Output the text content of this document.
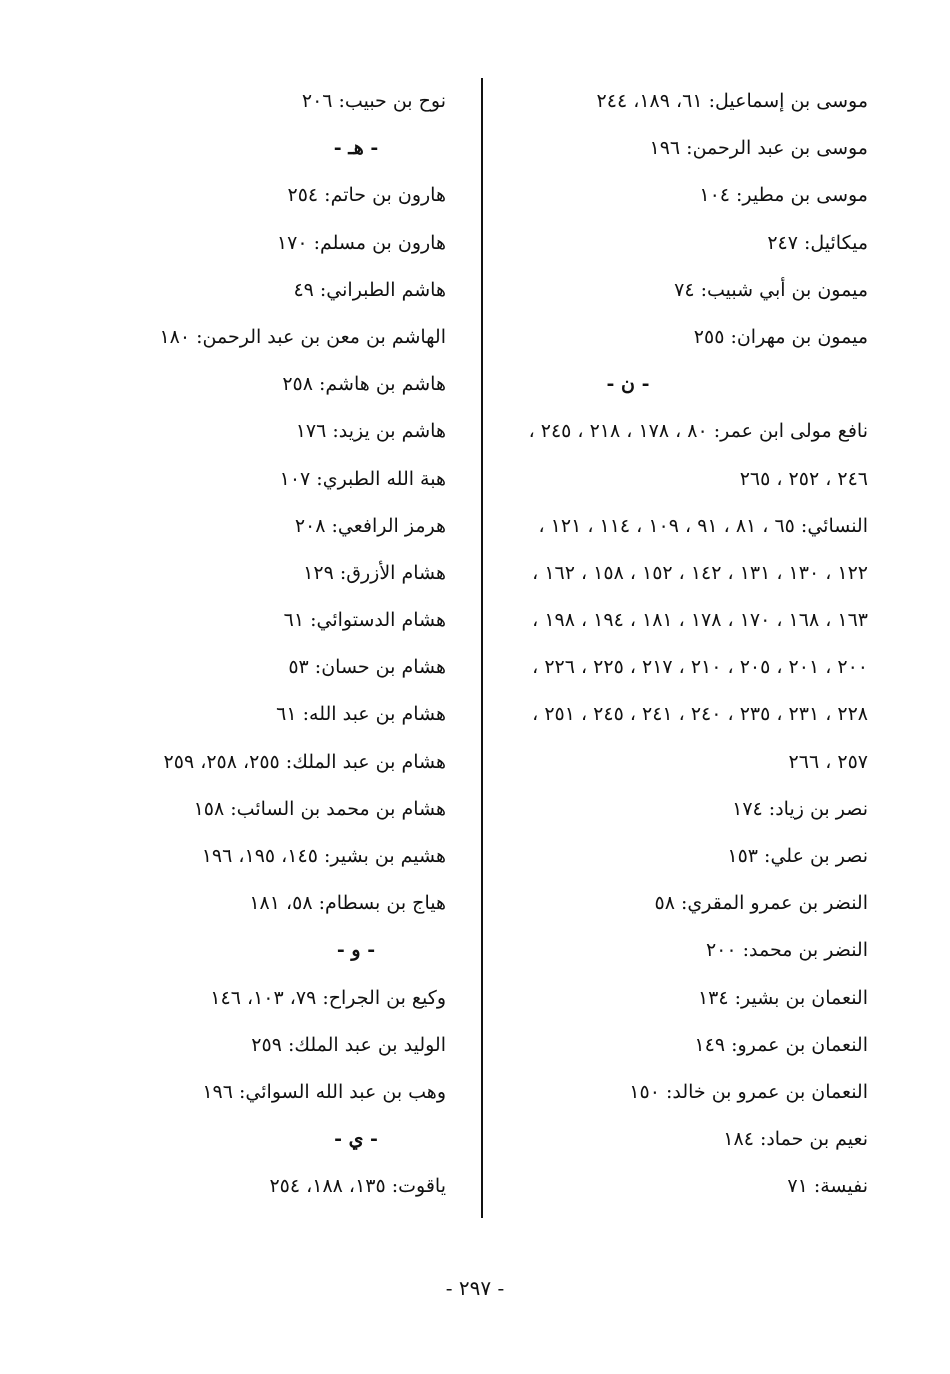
موسى بن إسماعيل: ٦١، ١٨٩، ٢٤٤
موسى بن عبد الرحمن: ١٩٦
موسى بن مطير: ١٠٤
ميكائيل: ٢٤٧
ميمون بن أبي شبيب: ٧٤
ميمون بن مهران: ٢٥٥
- ن -
نافع مولى ابن عمر: ٨٠ ، ١٧٨ ، ٢١٨ ، ٢٤٥ ،
٢٤٦ ، ٢٥٢ ، ٢٦٥
النسائي: ٦٥ ، ٨١ ، ٩١ ، ١٠٩ ، ١١٤ ، ١٢١ ،
١٢٢ ، ١٣٠ ، ١٣١ ، ١٤٢ ، ١٥٢ ، ١٥٨ ، ١٦٢ ،
١٦٣ ، ١٦٨ ، ١٧٠ ، ١٧٨ ، ١٨١ ، ١٩٤ ، ١٩٨ ،
٢٠٠ ، ٢٠١ ، ٢٠٥ ، ٢١٠ ، ٢١٧ ، ٢٢٥ ، ٢٢٦ ،
٢٢٨ ، ٢٣١ ، ٢٣٥ ، ٢٤٠ ، ٢٤١ ، ٢٤٥ ، ٢٥١ ،
٢٥٧ ، ٢٦٦
نصر بن زياد: ١٧٤
نصر بن علي: ١٥٣
النضر بن عمرو المقري: ٥٨
النضر بن محمد: ٢٠٠
النعمان بن بشير: ١٣٤
النعمان بن عمرو: ١٤٩
النعمان بن عمرو بن خالد: ١٥٠
نعيم بن حماد: ١٨٤
نفيسة: ٧١
نوح بن حبيب: ٢٠٦
- هـ -
هارون بن حاتم: ٢٥٤
هارون بن مسلم: ١٧٠
هاشم الطبراني: ٤٩
الهاشم بن معن بن عبد الرحمن: ١٨٠
هاشم بن هاشم: ٢٥٨
هاشم بن يزيد: ١٧٦
هبة الله الطبري: ١٠٧
هرمز الرافعي: ٢٠٨
هشام الأزرق: ١٢٩
هشام الدستوائي: ٦١
هشام بن حسان: ٥٣
هشام بن عبد الله: ٦١
هشام بن عبد الملك: ٢٥٥، ٢٥٨، ٢٥٩
هشام بن محمد بن السائب: ١٥٨
هشيم بن بشير: ١٤٥، ١٩٥، ١٩٦
هياج بن بسطام: ٥٨، ١٨١
- و -
وكيع بن الجراح: ٧٩، ١٠٣، ١٤٦
الوليد بن عبد الملك: ٢٥٩
وهب بن عبد الله السوائي: ١٩٦
- ي -
ياقوت: ١٣٥، ١٨٨، ٢٥٤
- ٢٩٧ -
